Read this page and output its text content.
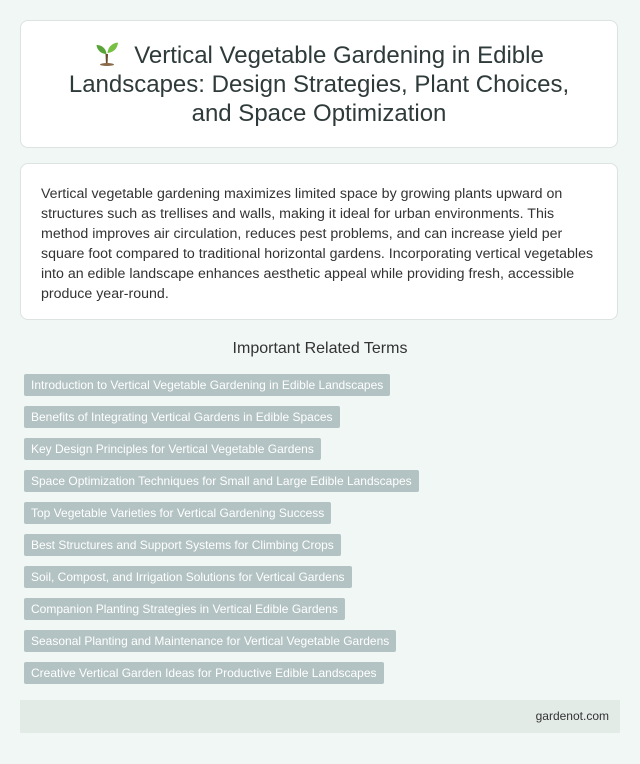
Vertical Vegetable Gardening in Edible Landscapes: Design Strategies, Plant Choices, and Space Optimization

Vertical vegetable gardening maximizes limited space by growing plants upward on structures such as trellises and walls, making it ideal for urban environments. This method improves air circulation, reduces pest problems, and can increase yield per square foot compared to traditional horizontal gardens. Incorporating vertical vegetables into an edible landscape enhances aesthetic appeal while providing fresh, accessible produce year-round.

Important Related Terms
Introduction to Vertical Vegetable Gardening in Edible Landscapes
Benefits of Integrating Vertical Gardens in Edible Spaces
Key Design Principles for Vertical Vegetable Gardens
Space Optimization Techniques for Small and Large Edible Landscapes
Top Vegetable Varieties for Vertical Gardening Success
Best Structures and Support Systems for Climbing Crops
Soil, Compost, and Irrigation Solutions for Vertical Gardens
Companion Planting Strategies in Vertical Edible Gardens
Seasonal Planting and Maintenance for Vertical Vegetable Gardens
Creative Vertical Garden Ideas for Productive Edible Landscapes
gardenot.com
